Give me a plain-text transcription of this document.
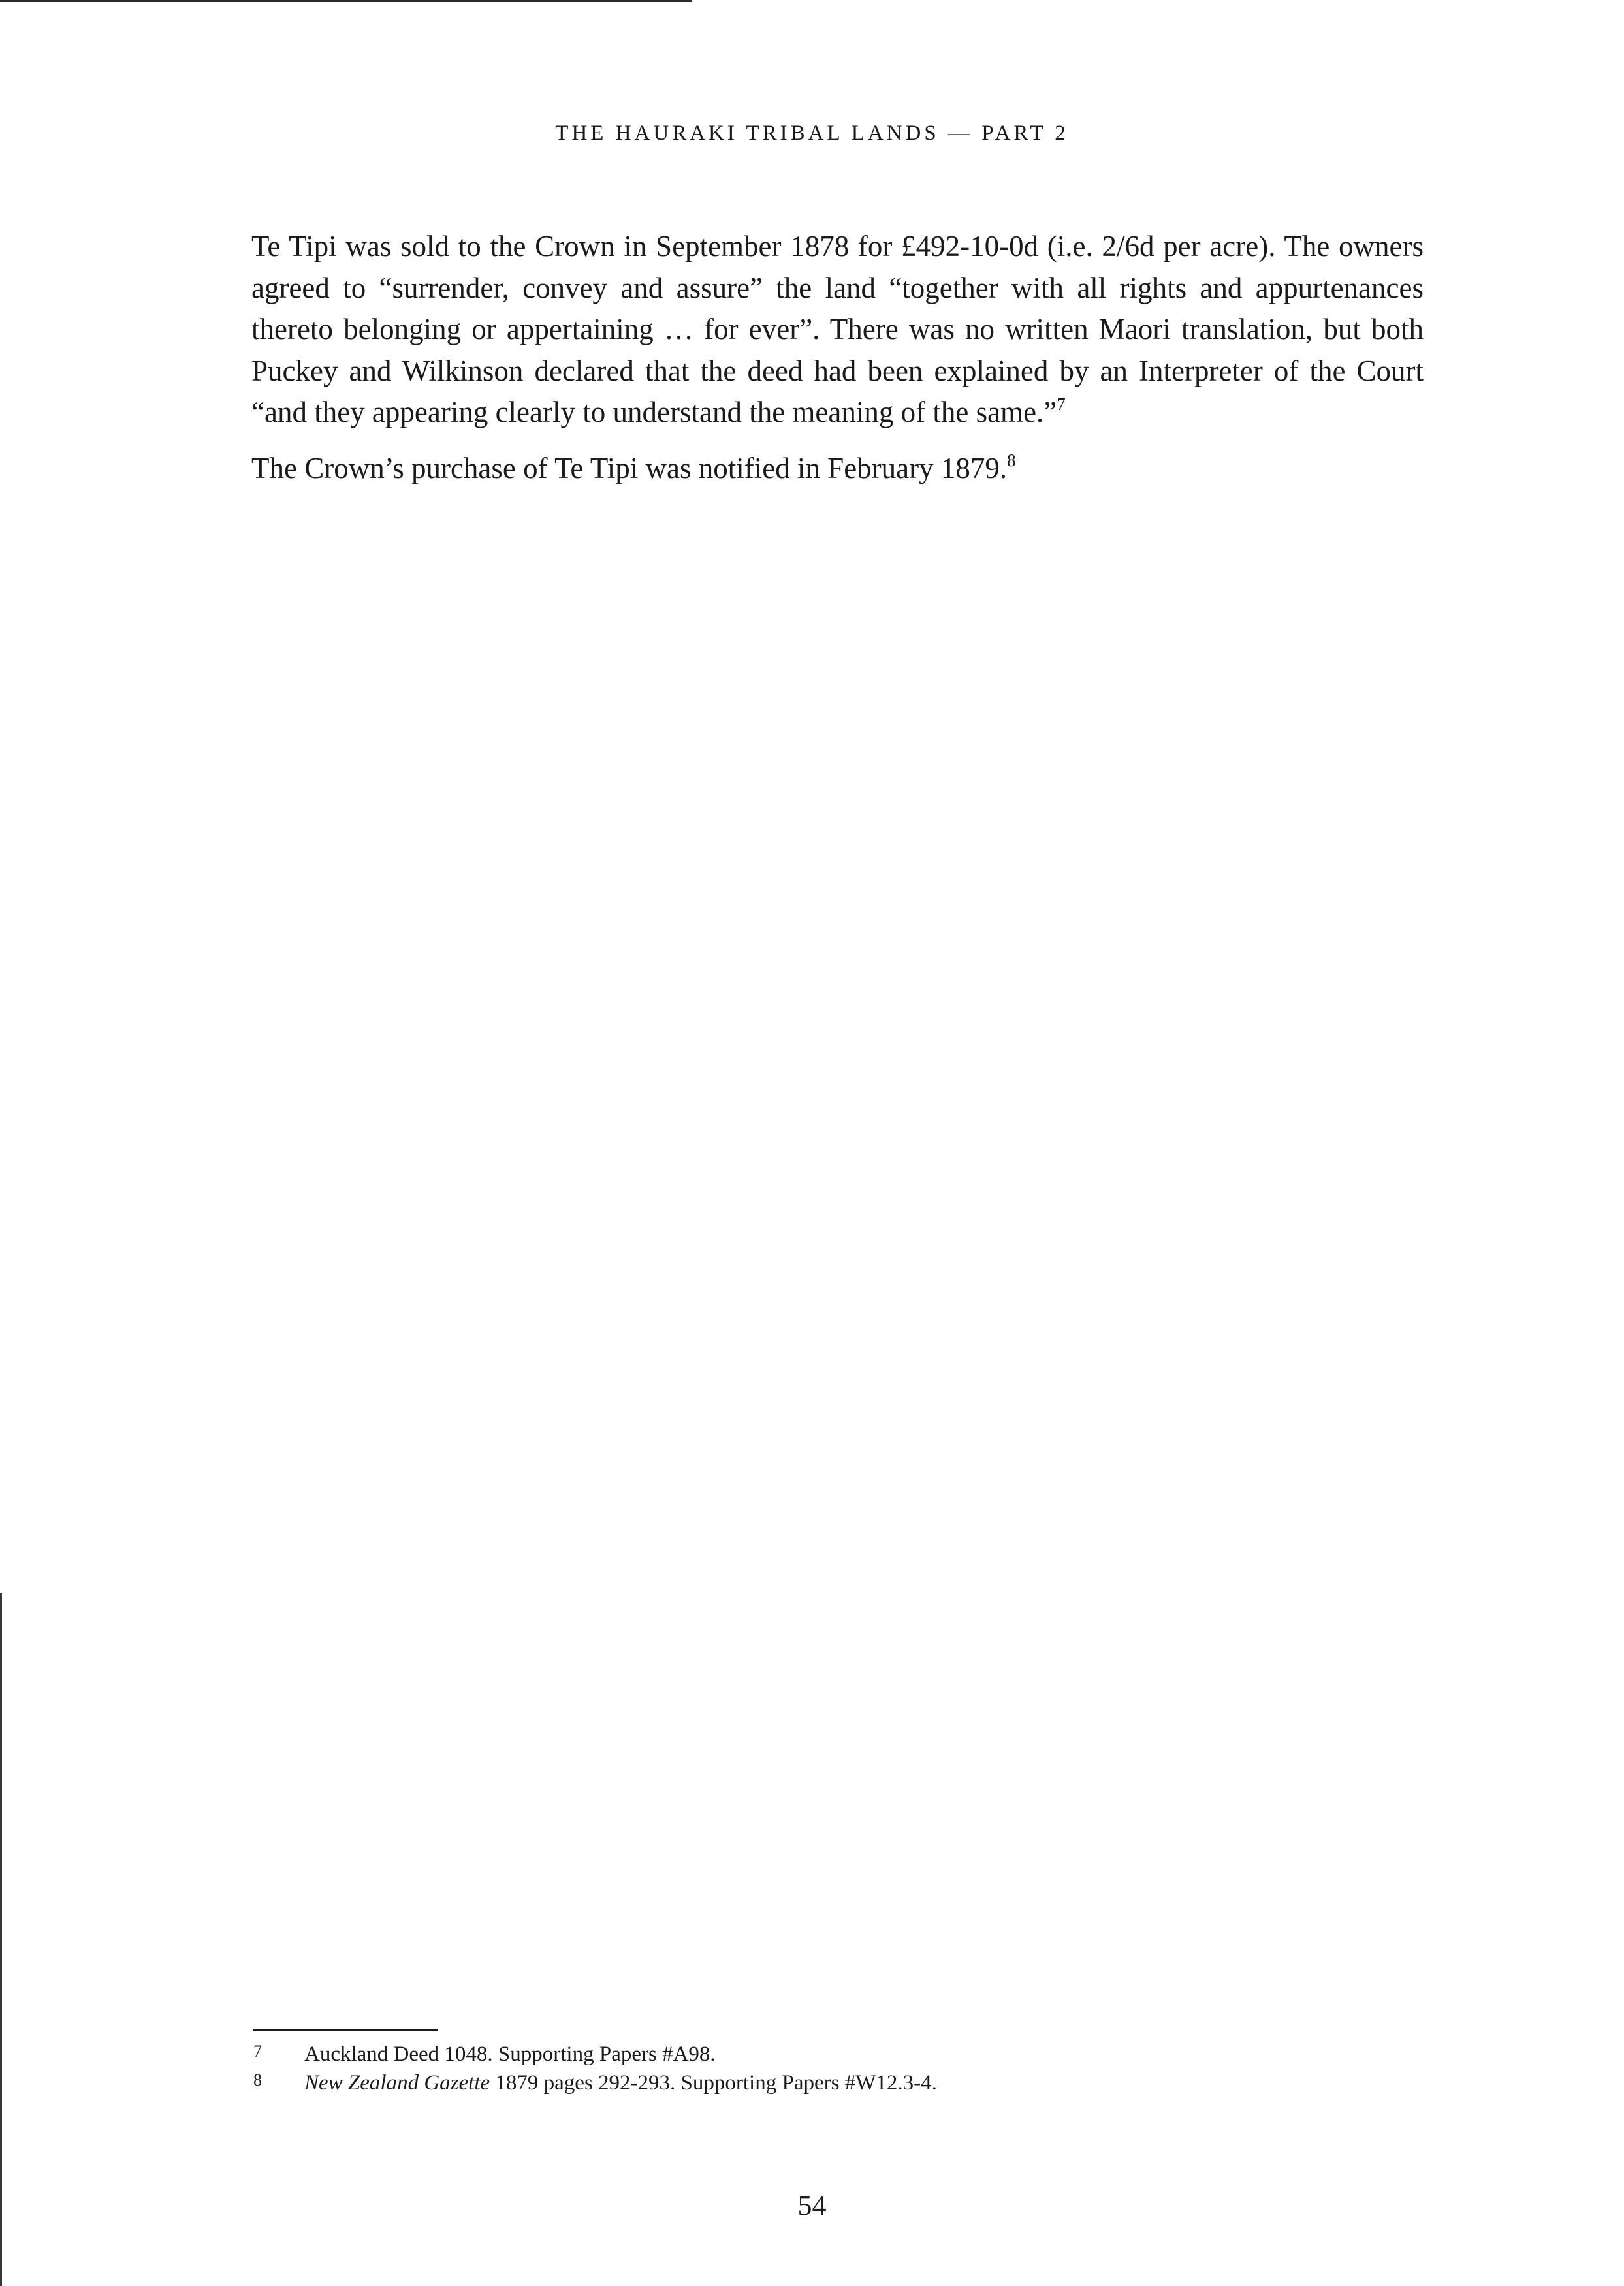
THE HAURAKI TRIBAL LANDS — PART 2

Te Tipi was sold to the Crown in September 1878 for £492-10-0d (i.e. 2/6d per acre). The owners agreed to “surrender, convey and assure” the land “together with all rights and appurtenances thereto belonging or appertaining … for ever”. There was no written Maori translation, but both Puckey and Wilkinson declared that the deed had been explained by an Interpreter of the Court “and they appearing clearly to understand the meaning of the same.”$^7$

The Crown’s purchase of Te Tipi was notified in February 1879.$^8$

7	Auckland Deed 1048. Supporting Papers #A98.
8	New Zealand Gazette 1879 pages 292-293. Supporting Papers #W12.3-4.
54
